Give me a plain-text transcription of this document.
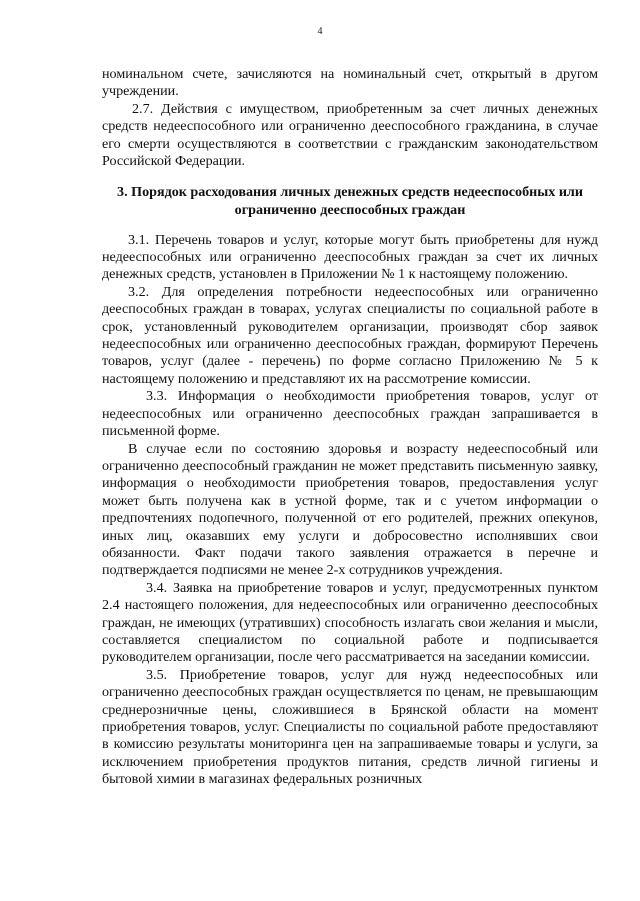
4

номинальном счете, зачисляются на номинальный счет, открытый в другом учреждении.

2.7. Действия с имуществом, приобретенным за счет личных денежных средств недееспособного или ограниченно дееспособного гражданина, в случае его смерти осуществляются в соответствии с гражданским законодательством Российской Федерации.

3. Порядок расходования личных денежных средств недееспособных или ограниченно дееспособных граждан

3.1. Перечень товаров и услуг, которые могут быть приобретены для нужд недееспособных или ограниченно дееспособных граждан за счет их личных денежных средств, установлен в Приложении № 1 к настоящему положению.

3.2. Для определения потребности недееспособных или ограниченно дееспособных граждан в товарах, услугах специалисты по социальной работе в срок, установленный руководителем организации, производят сбор заявок недееспособных или ограниченно дееспособных граждан, формируют Перечень товаров, услуг (далее - перечень) по форме согласно Приложению № 5 к настоящему положению и представляют их на рассмотрение комиссии.

3.3. Информация о необходимости приобретения товаров, услуг от недееспособных или ограниченно дееспособных граждан запрашивается в письменной форме.

В случае если по состоянию здоровья и возрасту недееспособный или ограниченно дееспособный гражданин не может представить письменную заявку, информация о необходимости приобретения товаров, предоставления услуг может быть получена как в устной форме, так и с учетом информации о предпочтениях подопечного, полученной от его родителей, прежних опекунов, иных лиц, оказавших ему услуги и добросовестно исполнявших свои обязанности. Факт подачи такого заявления отражается в перечне и подтверждается подписями не менее 2-х сотрудников учреждения.

3.4. Заявка на приобретение товаров и услуг, предусмотренных пунктом 2.4 настоящего положения, для недееспособных или ограниченно дееспособных граждан, не имеющих (утративших) способность излагать свои желания и мысли, составляется специалистом по социальной работе и подписывается руководителем организации, после чего рассматривается на заседании комиссии.

3.5. Приобретение товаров, услуг для нужд недееспособных или ограниченно дееспособных граждан осуществляется по ценам, не превышающим среднерозничные цены, сложившиеся в Брянской области на момент приобретения товаров, услуг. Специалисты по социальной работе предоставляют в комиссию результаты мониторинга цен на запрашиваемые товары и услуги, за исключением приобретения продуктов питания, средств личной гигиены и бытовой химии в магазинах федеральных розничных
